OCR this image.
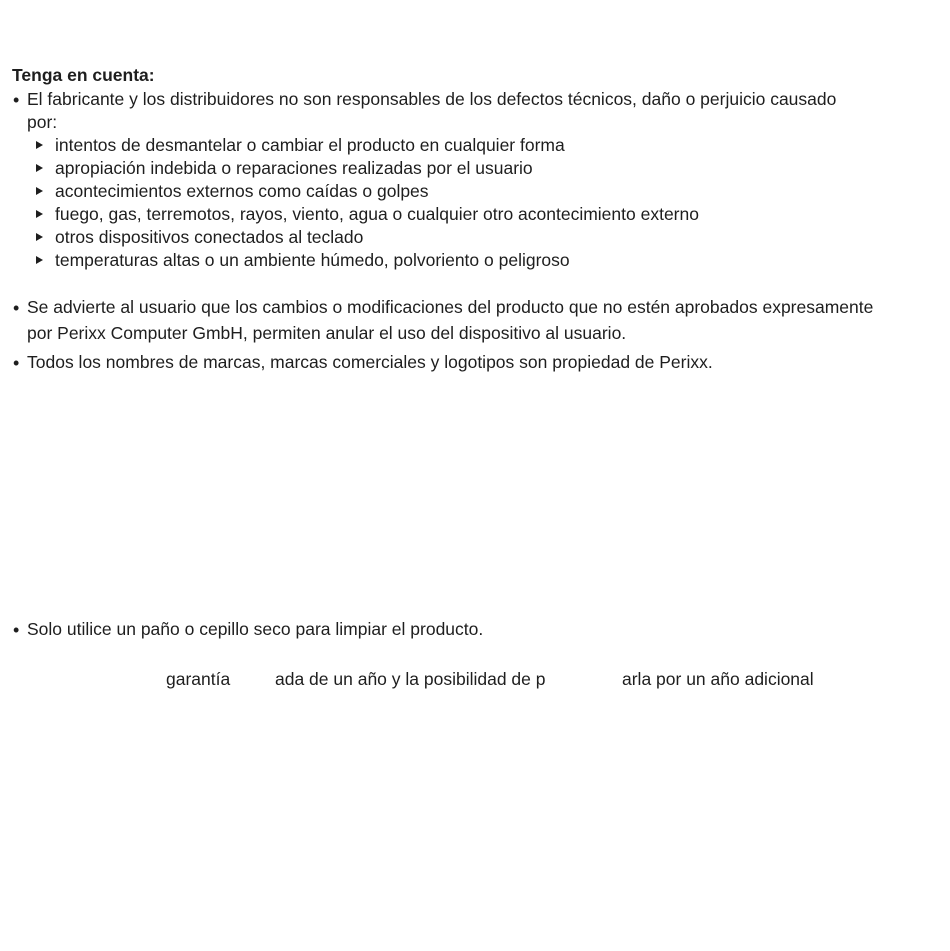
Tenga en cuenta:
• El fabricante y los distribuidores no son responsables de los defectos técnicos, daño o perjuicio causado
por:
intentos de desmantelar o cambiar el producto en cualquier forma
apropiación indebida o reparaciones realizadas por el usuario
acontecimientos externos como caídas o golpes
fuego, gas, terremotos, rayos, viento, agua o cualquier otro acontecimiento externo
otros dispositivos conectados al teclado
temperaturas altas o un ambiente húmedo, polvoriento o peligroso
• Se advierte al usuario que los cambios o modificaciones del producto que no estén aprobados expresamente
por Perixx Computer GmbH, permiten anular el uso del dispositivo al usuario.
• Todos los nombres de marcas, marcas comerciales y logotipos son propiedad de Perixx.
• Solo utilice un paño o cepillo seco para limpiar el producto.
garantía	ada de un año y la posibilidad de p	arla por un año adicional
